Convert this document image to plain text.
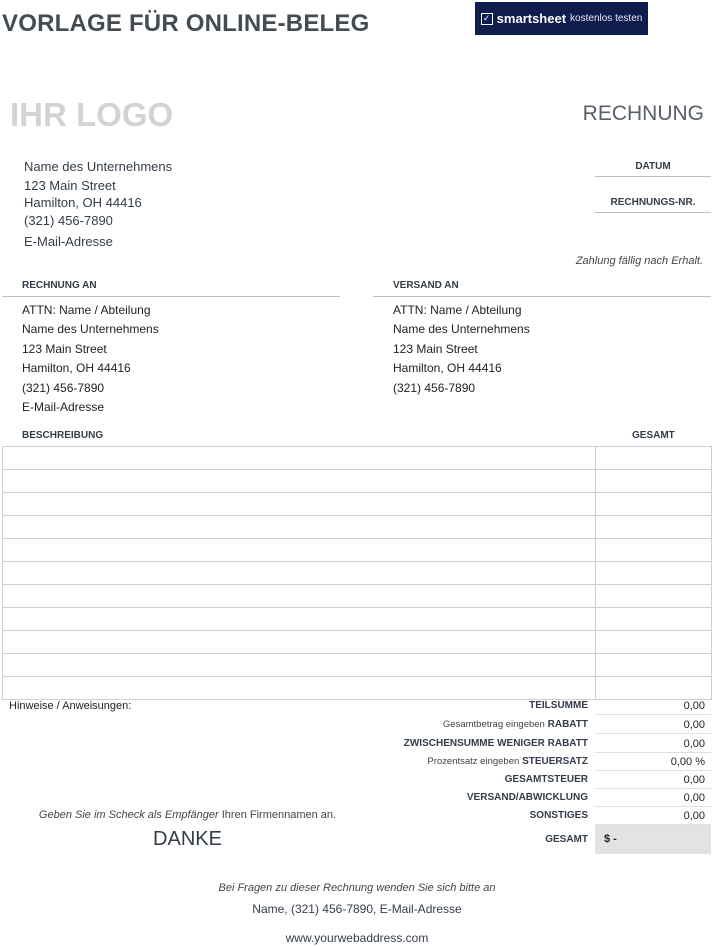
VORLAGE FÜR ONLINE-BELEG	✓ smartsheet kostenlos testen
IHR LOGO	RECHNUNG
Name des Unternehmens
123 Main Street
Hamilton, OH 44416
(321) 456-7890
E-Mail-Adresse
DATUM
RECHNUNGS-NR.
Zahlung fällig nach Erhalt.
RECHNUNG AN	VERSAND AN
ATTN: Name / Abteilung
Name des Unternehmens
123 Main Street
Hamilton, OH 44416
(321) 456-7890
E-Mail-Adresse
ATTN: Name / Abteilung
Name des Unternehmens
123 Main Street
Hamilton, OH 44416
(321) 456-7890
BESCHREIBUNG	GESAMT

Hinweise / Anweisungen:	TEILSUMME	0,00
Gesamtbetrag eingeben RABATT	0,00
ZWISCHENSUMME WENIGER RABATT	0,00
Prozentsatz eingeben STEUERSATZ	0,00 %
GESAMTSTEUER	0,00
VERSAND/ABWICKLUNG	0,00
SONSTIGES	0,00
GESAMT	$ -
Geben Sie im Scheck als Empfänger Ihren Firmennamen an.
DANKE
Bei Fragen zu dieser Rechnung wenden Sie sich bitte an
Name, (321) 456-7890, E-Mail-Adresse
www.yourwebaddress.com
